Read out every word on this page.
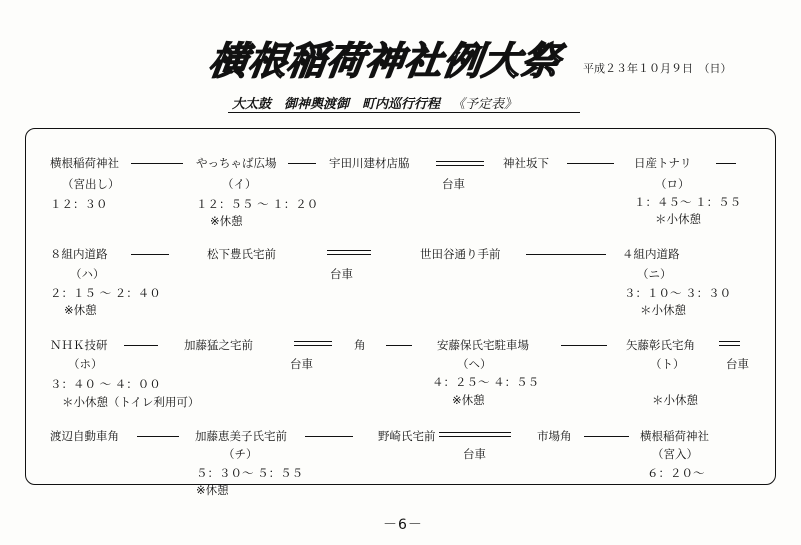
横根稲荷神社例大祭 平成２３年１０月９日　（日）
大太鼓　御神輿渡御　町内巡行行程 《予定表》
横根稲荷神社
（宮出し）
１２：３０
やっちゃば広場
（イ）
１２：５５ ～ １：２０
※休憩
宇田川建材店脇
台車
神社坂下	日産トナリ
（ロ）
１：４５～ １：５５
＊小休憩
８組内道路
（ハ）
２：１５ ～ ２：４０
※休憩
松下豊氏宅前
台車
世田谷通り手前	４組内道路
（ニ）
３：１０～ ３：３０
＊小休憩
ＮＨＫ技研
（ホ）
３：４０ ～ ４：００
＊小休憩（トイレ利用可）
加藤猛之宅前
台車
角	安藤保氏宅駐車場
（ヘ）
４：２５～ ４：５５
※休憩
矢藤彰氏宅角
台車
（ト）
＊小休憩
渡辺自動車角	加藤恵美子氏宅前
（チ）
５：３０～ ５：５５
※休憩
野崎氏宅前
台車
市場角	横根稲荷神社
（宮入）
６：２０～
－6－
